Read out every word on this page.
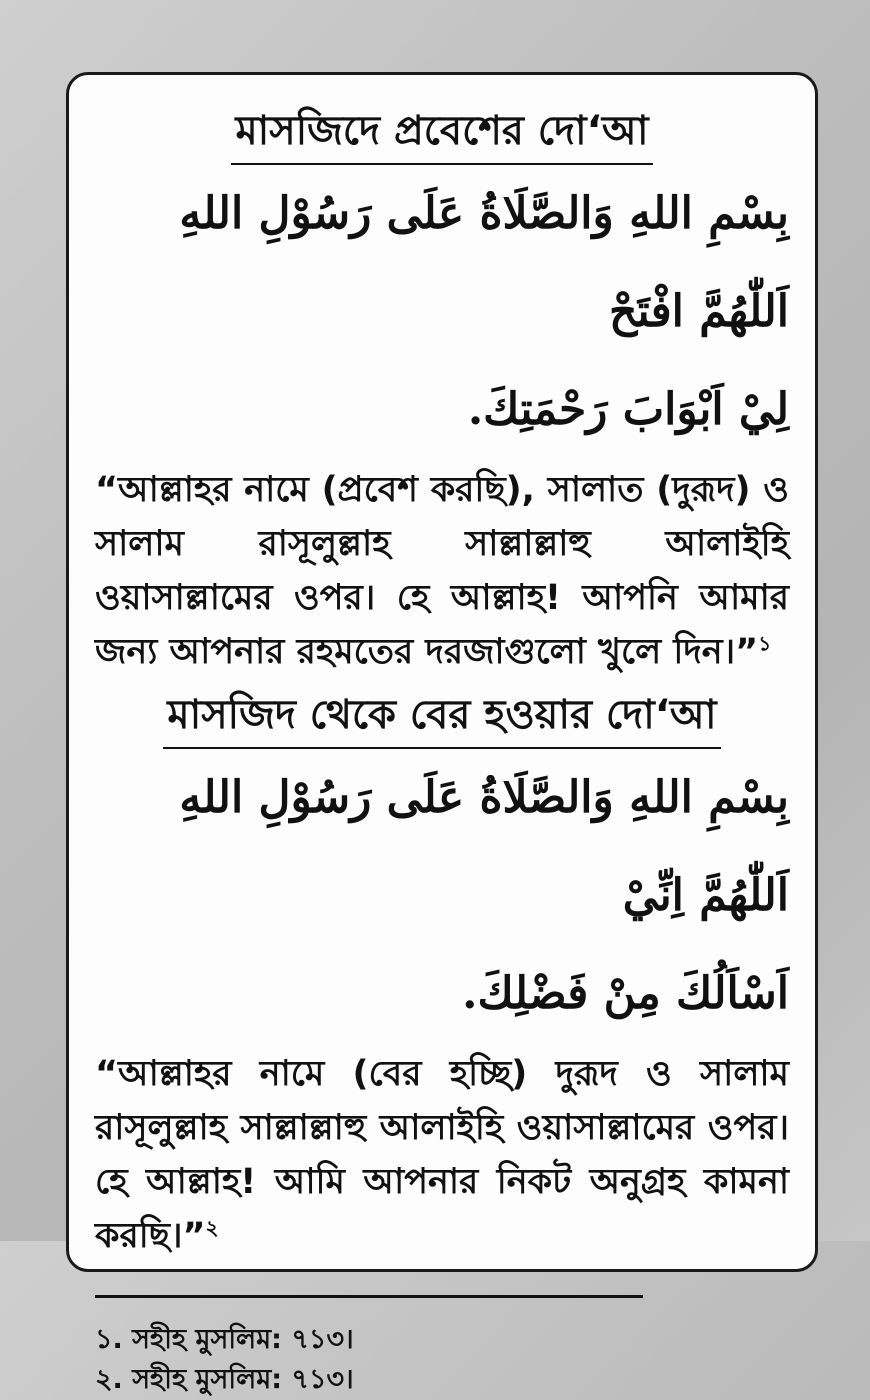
মাসজিদে প্রবেশের দো‘আ
بِسْمِ اللهِ وَالصَّلَاةُ عَلَى رَسُوْلِ اللهِ اَللّٰهُمَّ افْتَحْ
لِيْ اَبْوَابَ رَحْمَتِكَ.

“আল্লাহর নামে (প্রবেশ করছি), সালাত (দুরূদ) ও সালাম রাসূলুল্লাহ সাল্লাল্লাহু আলাইহি ওয়াসাল্লামের ওপর। হে আল্লাহ! আপনি আমার জন্য আপনার রহমতের দরজাগুলো খুলে দিন।”$^১$

মাসজিদ থেকে বের হওয়ার দো‘আ
بِسْمِ اللهِ وَالصَّلَاةُ عَلَى رَسُوْلِ اللهِ اَللّٰهُمَّ اِنِّيْ
اَسْاَلُكَ مِنْ فَضْلِكَ.

“আল্লাহর নামে (বের হচ্ছি) দুরূদ ও সালাম রাসূলুল্লাহ সাল্লাল্লাহু আলাইহি ওয়াসাল্লামের ওপর। হে আল্লাহ! আমি আপনার নিকট অনুগ্রহ কামনা করছি।”$^২$

১. সহীহ মুসলিম: ৭১৩।
২. সহীহ মুসলিম: ৭১৩।
